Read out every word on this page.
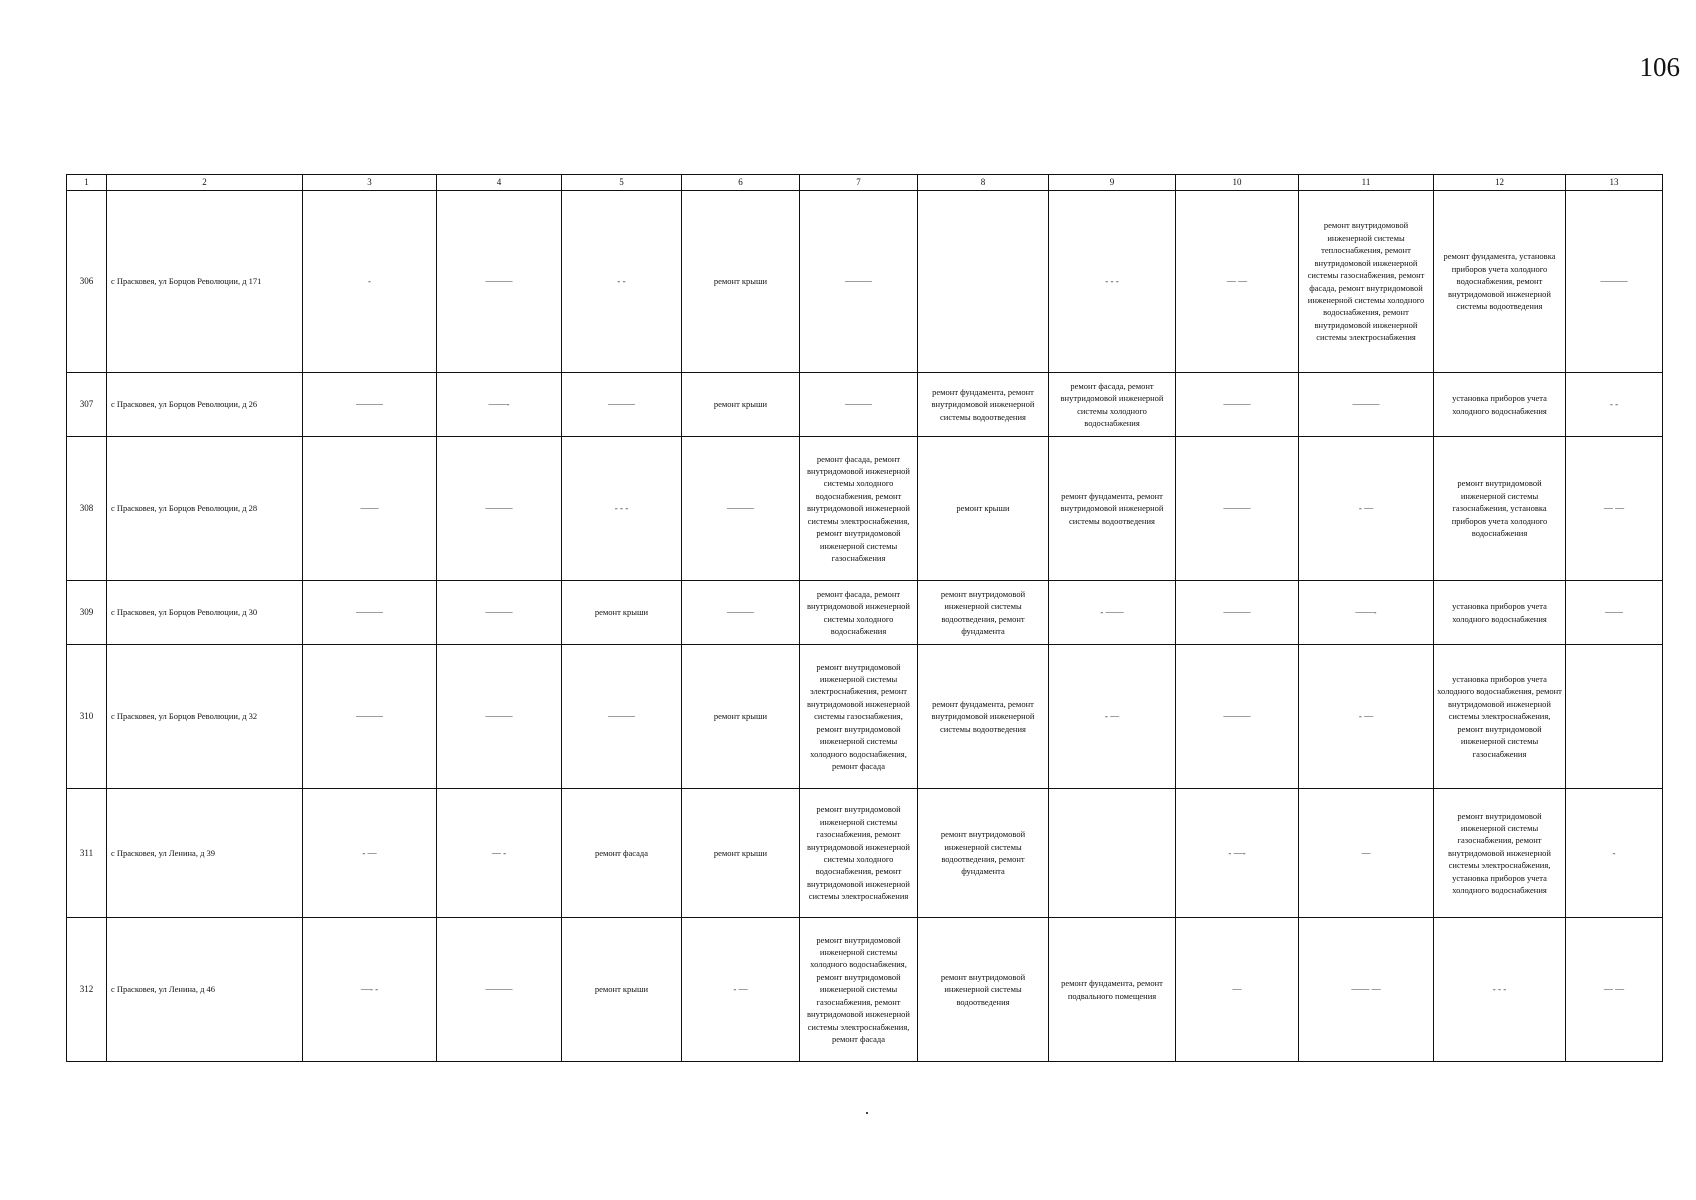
106
1	2	3	4	5	6	7	8	9	10	11	12	13
306	с Прасковея, ул Борцов Революции, д 171	-	———	- -	ремонт крыши	———		- - -	— —	ремонт внутридомовой инженерной системы теплоснабжения, ремонт внутридомовой инженерной системы газоснабжения, ремонт фасада, ремонт внутридомовой инженерной системы холодного водоснабжения, ремонт внутридомовой инженерной системы электроснабжения	ремонт фундамента, установка приборов учета холодного водоснабжения, ремонт внутридомовой инженерной системы водоотведения	———
307	с Прасковея, ул Борцов Революции, д 26	———	——-	———	ремонт крыши	———	ремонт фундамента, ремонт внутридомовой инженерной системы водоотведения	ремонт фасада, ремонт внутридомовой инженерной системы холодного водоснабжения	———	———	установка приборов учета холодного водоснабжения	- -
308	с Прасковея, ул Борцов Революции, д 28	——	———	- - -	———	ремонт фасада, ремонт внутридомовой инженерной системы холодного водоснабжения, ремонт внутридомовой инженерной системы электроснабжения, ремонт внутридомовой инженерной системы газоснабжения	ремонт крыши	ремонт фундамента, ремонт внутридомовой инженерной системы водоотведения	———	- —	ремонт внутридомовой инженерной системы газоснабжения, установка приборов учета холодного водоснабжения	— —
309	с Прасковея, ул Борцов Революции, д 30	———	———	ремонт крыши	———	ремонт фасада, ремонт внутридомовой инженерной системы холодного водоснабжения	ремонт внутридомовой инженерной системы водоотведения, ремонт фундамента	- ——	———	——-	установка приборов учета холодного водоснабжения	——
310	с Прасковея, ул Борцов Революции, д 32	———	———	———	ремонт крыши	ремонт внутридомовой инженерной системы электроснабжения, ремонт внутридомовой инженерной системы газоснабжения, ремонт внутридомовой инженерной системы холодного водоснабжения, ремонт фасада	ремонт фундамента, ремонт внутридомовой инженерной системы водоотведения	- —	———	- —	установка приборов учета холодного водоснабжения, ремонт внутридомовой инженерной системы электроснабжения, ремонт внутридомовой инженерной системы газоснабжения	
311	с Прасковея, ул Ленина, д 39	- —	— -	ремонт фасада	ремонт крыши	ремонт внутридомовой инженерной системы газоснабжения, ремонт внутридомовой инженерной системы холодного водоснабжения, ремонт внутридомовой инженерной системы электроснабжения	ремонт внутридомовой инженерной системы водоотведения, ремонт фундамента		- —-	—	ремонт внутридомовой инженерной системы газоснабжения, ремонт внутридомовой инженерной системы электроснабжения, установка приборов учета холодного водоснабжения	-
312	с Прасковея, ул Ленина, д 46	—- -	———	ремонт крыши	- —	ремонт внутридомовой инженерной системы холодного водоснабжения, ремонт внутридомовой инженерной системы газоснабжения, ремонт внутридомовой инженерной системы электроснабжения, ремонт фасада	ремонт внутридомовой инженерной системы водоотведения	ремонт фундамента, ремонт подвального помещения	—	—— —	- - -	— —
